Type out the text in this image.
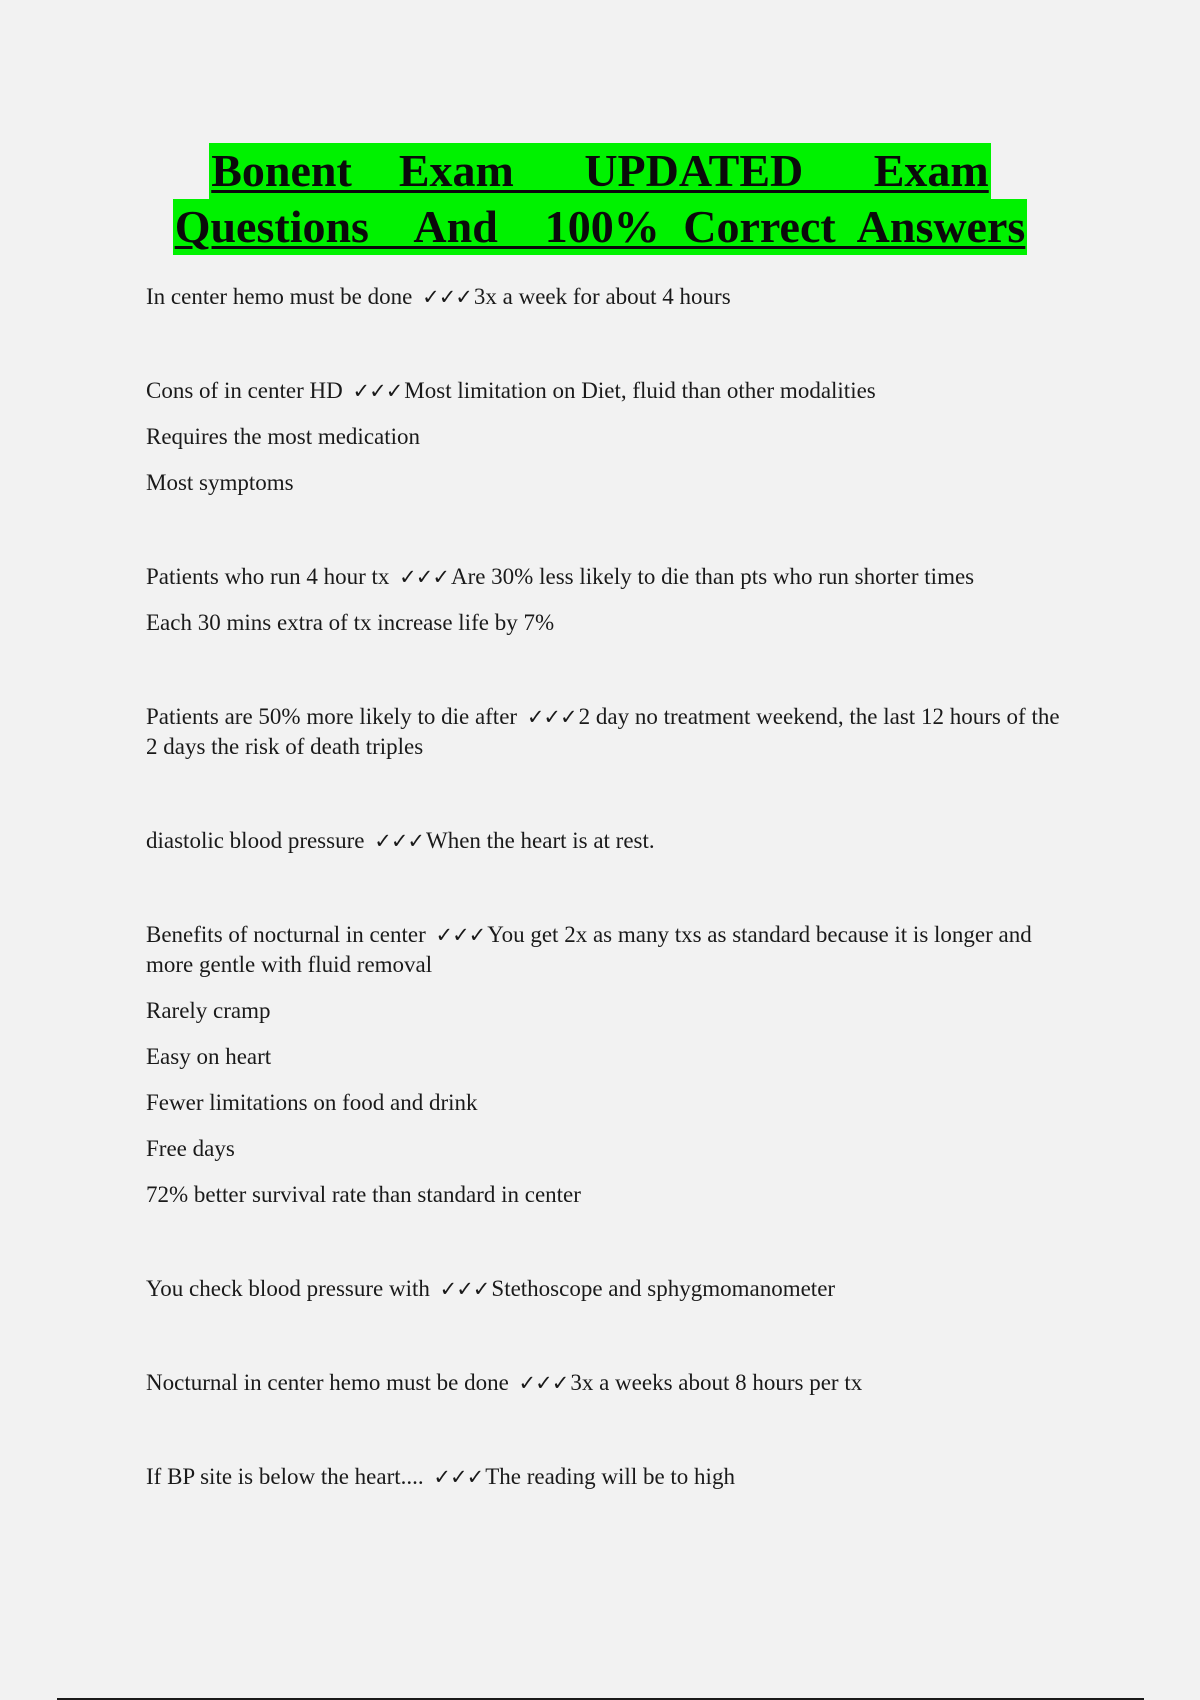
Bonent  Exam   UPDATED   Exam
Questions  And  100% Correct Answers

In center hemo must be done ✓✓✓3x a week for about 4 hours

Cons of in center HD ✓✓✓Most limitation on Diet, fluid than other modalities

Requires the most medication

Most symptoms

Patients who run 4 hour tx ✓✓✓Are 30% less likely to die than pts who run shorter times

Each 30 mins extra of tx increase life by 7%

Patients are 50% more likely to die after ✓✓✓2 day no treatment weekend, the last 12 hours of the 2 days the risk of death triples

diastolic blood pressure ✓✓✓When the heart is at rest.

Benefits of nocturnal in center ✓✓✓You get 2x as many txs as standard because it is longer and more gentle with fluid removal

Rarely cramp

Easy on heart

Fewer limitations on food and drink

Free days

72% better survival rate than standard in center

You check blood pressure with ✓✓✓Stethoscope and sphygmomanometer

Nocturnal in center hemo must be done ✓✓✓3x a weeks about 8 hours per tx

If BP site is below the heart.... ✓✓✓The reading will be to high
